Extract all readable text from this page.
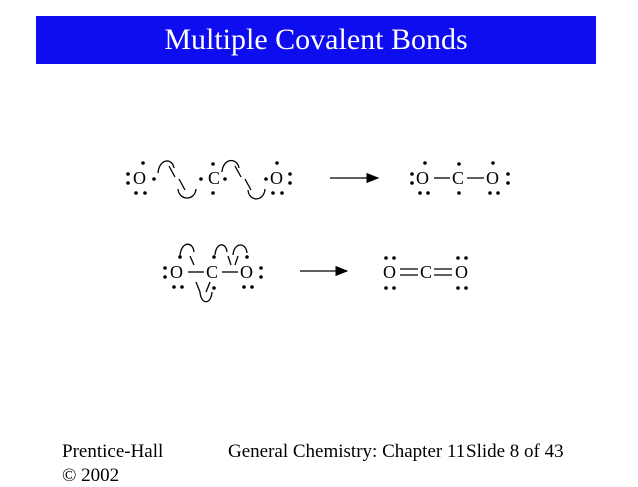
Multiple Covalent Bonds
O	C	O	O C O
O C O	O C O
Prentice-Hall
© 2002
General Chemistry: Chapter 11 Slide 8 of 43
